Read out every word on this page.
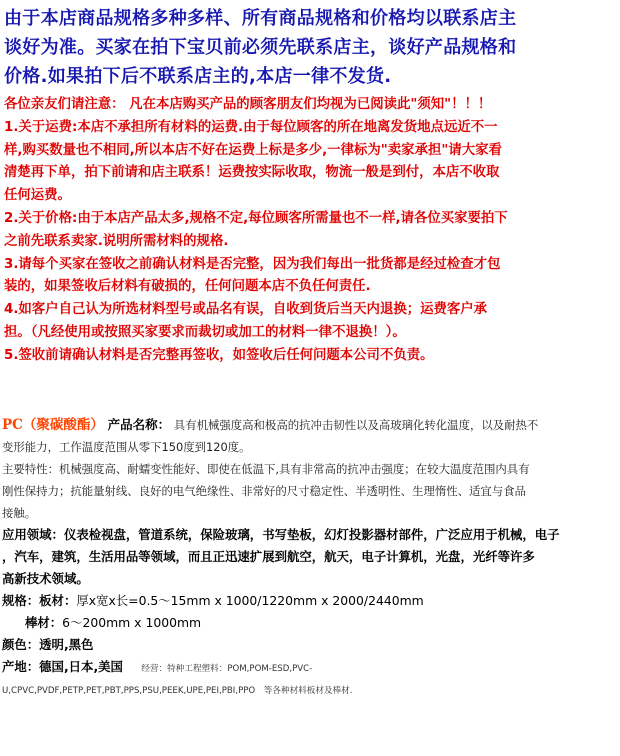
由于本店商品规格多种多样、所有商品规格和价格均以联系店主
谈好为准。买家在拍下宝贝前必须先联系店主，谈好产品规格和
价格.如果拍下后不联系店主的,本店一律不发货.
各位亲友们请注意： 凡在本店购买产品的顾客朋友们均视为已阅读此"须知"！！！
1.关于运费:本店不承担所有材料的运费.由于每位顾客的所在地离发货地点远近不一
样,购买数量也不相同,所以本店不好在运费上标是多少,一律标为"卖家承担"请大家看
清楚再下单，拍下前请和店主联系！运费按实际收取，物流一般是到付，本店不收取
任何运费。
2.关于价格:由于本店产品太多,规格不定,每位顾客所需量也不一样,请各位买家要拍下
之前先联系卖家.说明所需材料的规格.
3.请每个买家在签收之前确认材料是否完整，因为我们每出一批货都是经过检查才包
装的，如果签收后材料有破损的，任何问题本店不负任何责任.
4.如客户自己认为所选材料型号或品名有误，自收到货后当天内退换；运费客户承
担。（凡经使用或按照买家要求而裁切或加工的材料一律不退换！）。
5.签收前请确认材料是否完整再签收，如签收后任何问题本公司不负责。
PC（聚碳酸酯） 产品名称： 具有机械强度高和极高的抗冲击韧性以及高玻璃化转化温度，以及耐热不
变形能力，工作温度范围从零下150度到120度。
主要特性：机械强度高、耐蠕变性能好、即使在低温下,具有非常高的抗冲击强度；在较大温度范围内具有
刚性保持力；抗能量射线、良好的电气绝缘性、非常好的尺寸稳定性、半透明性、生理惰性、适宜与食品
接触。
应用领域：仪表检视盘，管道系统，保险玻璃，书写垫板，幻灯投影器材部件，广泛应用于机械，电子
，汽车，建筑，生活用品等领域，而且正迅速扩展到航空，航天，电子计算机，光盘，光纤等许多
高新技术领域。
规格：板材：厚x宽x长=0.5～15mm x 1000/1220mm x 2000/2440mm
棒材：6～200mm x 1000mm
颜色：透明,黑色
产地：德国,日本,美国 经营：特种工程塑料：POM,POM-ESD,PVC-
U,CPVC,PVDF,PETP,PET,PBT,PPS,PSU,PEEK,UPE,PEI,PBI,PPO　等各种材料板材及棒材.
